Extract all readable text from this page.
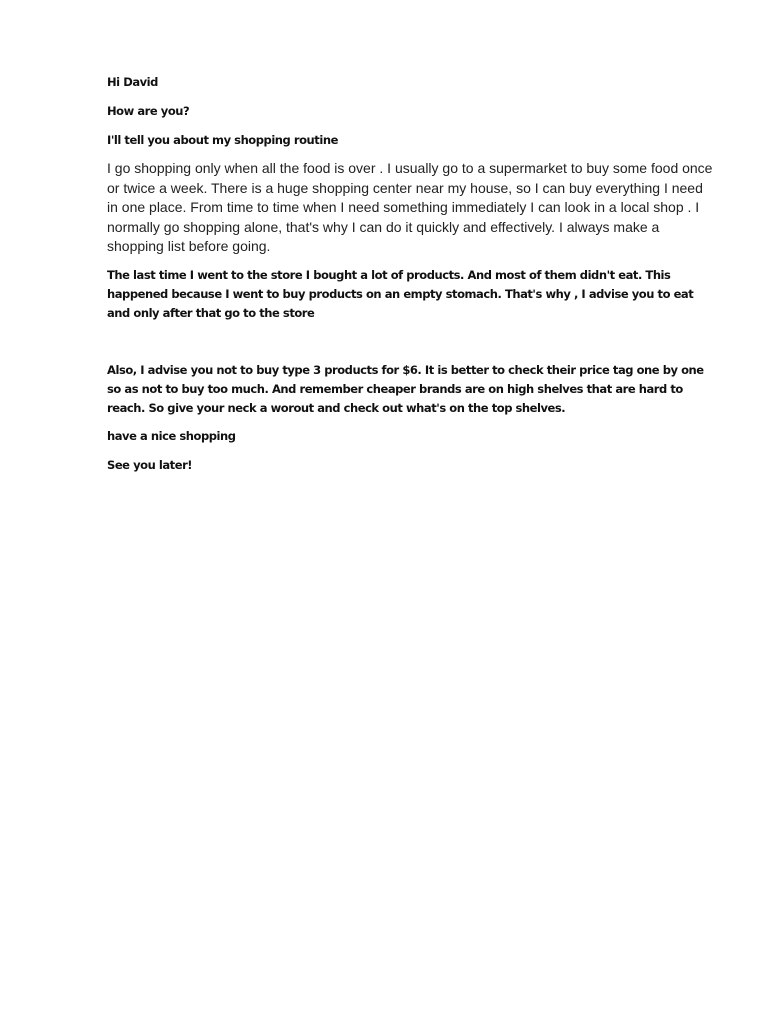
Hi David

How are you?

I'll tell you about my shopping routine

I go shopping only when all the food is over . I usually go to a supermarket to buy some food once or twice a week. There is a huge shopping center near my house, so I can buy everything I need in one place. From time to time when I need something immediately I can look in a local shop . I normally go shopping alone, that's why I can do it quickly and effectively. I always make a shopping list before going.

The last time I went to the store I bought a lot of products. And most of them didn't eat. This happened because I went to buy products on an empty stomach. That's why , I advise you to eat and only after that go to the store

Also, I advise you not to buy type 3 products for $6. It is better to check their price tag one by one so as not to buy too much. And remember cheaper brands are on high shelves that are hard to reach. So give your neck a worout and check out what's on the top shelves.

have a nice shopping

See you later!
